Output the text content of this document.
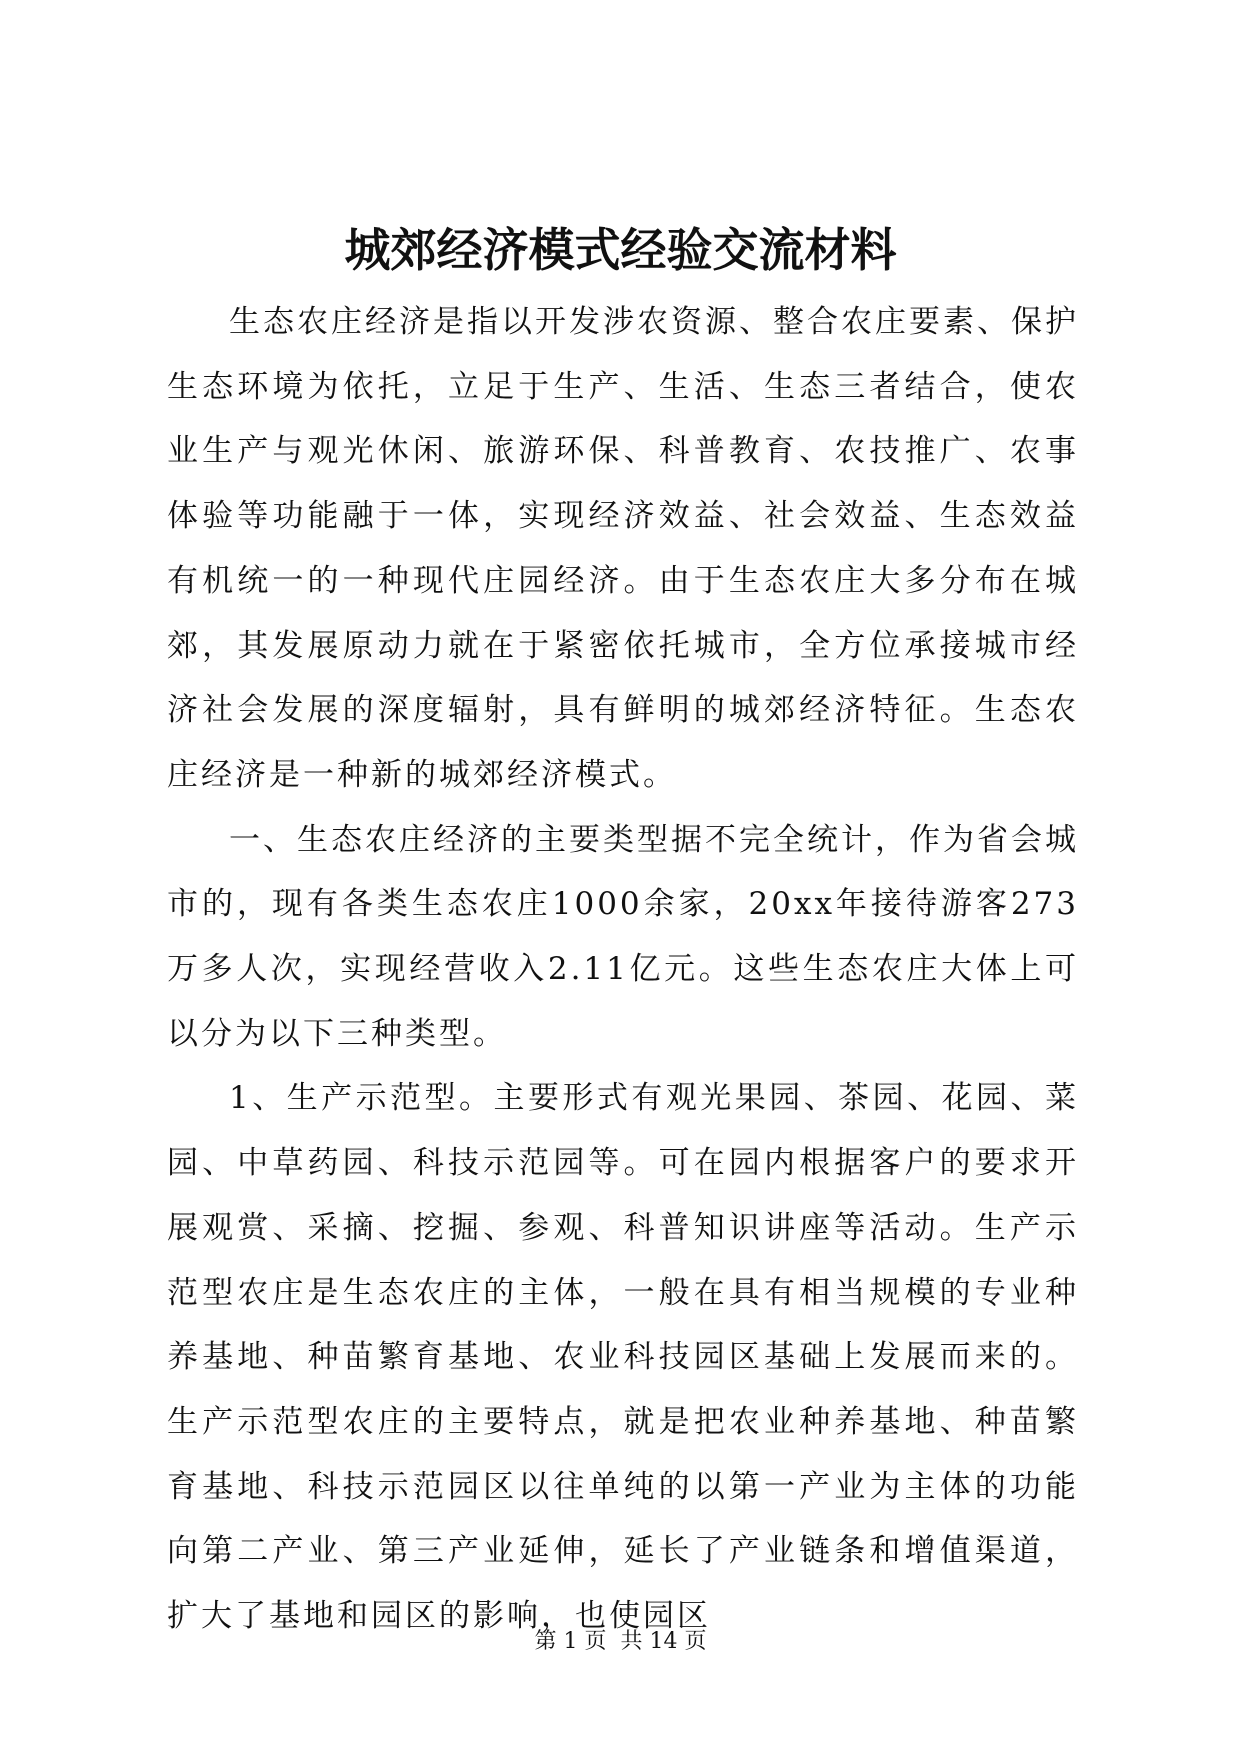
城郊经济模式经验交流材料

生态农庄经济是指以开发涉农资源、整合农庄要素、保护生态环境为依托，立足于生产、生活、生态三者结合，使农业生产与观光休闲、旅游环保、科普教育、农技推广、农事体验等功能融于一体，实现经济效益、社会效益、生态效益有机统一的一种现代庄园经济。由于生态农庄大多分布在城郊，其发展原动力就在于紧密依托城市，全方位承接城市经济社会发展的深度辐射，具有鲜明的城郊经济特征。生态农庄经济是一种新的城郊经济模式。

一、生态农庄经济的主要类型据不完全统计，作为省会城市的，现有各类生态农庄1000余家，20xx年接待游客273万多人次，实现经营收入2.11亿元。这些生态农庄大体上可以分为以下三种类型。

1、生产示范型。主要形式有观光果园、茶园、花园、菜园、中草药园、科技示范园等。可在园内根据客户的要求开展观赏、采摘、挖掘、参观、科普知识讲座等活动。生产示范型农庄是生态农庄的主体，一般在具有相当规模的专业种养基地、种苗繁育基地、农业科技园区基础上发展而来的。生产示范型农庄的主要特点，就是把农业种养基地、种苗繁育基地、科技示范园区以往单纯的以第一产业为主体的功能向第二产业、第三产业延伸，延长了产业链条和增值渠道，扩大了基地和园区的影响，也使园区

第 1 页  共 14 页
